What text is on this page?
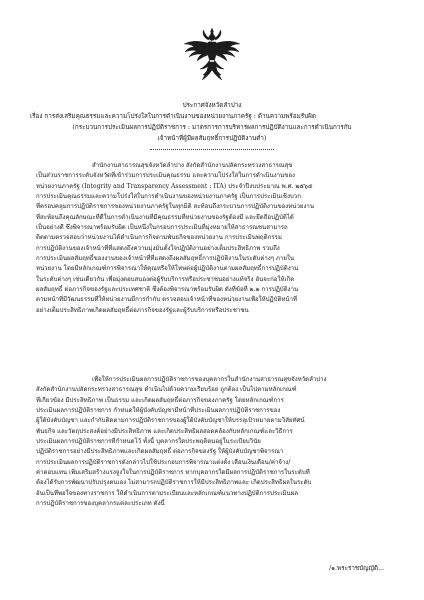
ประกาศจังหวัดลำปาง
เรื่อง การส่งเสริมคุณธรรมและความโปร่งใสในการดำเนินงานของหน่วยงานภาครัฐ : ด้านความพร้อมรับผิด
(กระบวนการประเมินผลการปฏิบัติราชการ : มาตรการการบริหารผลการปฏิบัติงานและการดำเนินการกับ
เจ้าหน้าที่ผู้มีผลสัมฤทธิ์การปฏิบัติงานต่ำ)
สำนักงานสาธารณสุขจังหวัดลำปาง สังกัดสำนักงานปลัดกระทรวงสาธารณสุข
เป็นส่วนราชการระดับจังหวัดที่เข้าร่วมการประเมินคุณธรรม และความโปร่งใสในการดำเนินงานของ
หน่วยงานภาครัฐ (Integrity and Transparency Assessment : ITA) ประจำปีงบประมาณ พ.ศ. ๒๕๖๕
การประเมินคุณธรรมและความโปร่งใสในการดำเนินงานของหน่วยงานภาครัฐ เป็นการประเมินเชิงบวก
ที่ครอบคลุมการปฏิบัติราชการของหน่วยงานภาครัฐในทุกมิติ สะท้อนถึงกระบวนการปฏิบัติงานของหน่วยงาน
ที่สะท้อนถึงคุณลักษณะที่ดีในการดำเนินงานที่มีคุณธรรมที่หน่วยงานของรัฐต้องมี และยึดถือปฏิบัติได้
เป็นอย่างดี ซึ่งพิจารณาพร้อมรับผิด เป็นหนึ่งในกรอบการประเมินที่มุ่งหมายให้สาธารณชนสามารถ
ติดตามตรวจสอบว่าหน่วยงานได้ดำเนินการกิจตามพันธกิจของหน่วยงาน การประเมินพฤติกรรม
การปฏิบัติงานของเจ้าหน้าที่ที่แสดงถึงความมุ่งมั่นตั้งใจปฏิบัติงานอย่างเต็มประสิทธิภาพ รวมถึง
การประเมินผลสัมฤทธิ์ของงานของเจ้าหน้าที่ที่แสดงถึงผลสัมฤทธิ์การปฏิบัติงานในระดับต่างๆ ภายใน
หน่วยงาน โดยมีหลักเกณฑ์การพิจารณาให้คุณหรือให้โทษต่อผู้ปฏิบัติงานตามผลสัมฤทธิ์การปฏิบัติงาน
ในระดับต่างๆ เช่นเดียวกัน เพื่อมุ่งตอบสนองต่อผู้รับบริการหรือประชาชนอย่างแท้จริง อันจะก่อให้เกิด
ผลสัมฤทธิ์ ต่อภารกิจของรัฐและประเทศชาติ ซึ่งต้องพิจารณาพร้อมรับผิด ดังที่ข้อที่ ๒.๒ การปฏิบัติงาน
ตามหน้าที่มีวัฒนธรรมที่ให้หน่วยงานมีการกำกับ ตรวจสอบเจ้าหน้าที่ของหน่วยงานเพื่อให้ปฏิบัติหน้าที่
อย่างเต็มประสิทธิภาพเกิดผลสัมฤทธิ์ต่อภารกิจของรัฐและผู้รับบริการหรือประชาชน
เพื่อให้การประเมินผลการปฏิบัติราชการของบุคลากรในสำนักงานสาธารณสุขจังหวัดลำปาง
สังกัดสำนักงานปลัดกระทรวงสาธารณสุข ดำเนินไปด้วยความเรียบร้อย ถูกต้อง เป็นไปตามหลักเกณฑ์
ที่เกี่ยวข้อง มีประสิทธิภาพ เป็นธรรม และเกิดผลสัมฤทธิ์ต่อภารกิจของภาครัฐ โดยหลักเกณฑ์การ
ประเมินผลการปฏิบัติราชการ กำหนดให้ผู้บังคับบัญชามีหน้าที่ประเมินผลการปฏิบัติราชการของ
ผู้ใต้บังคับบัญชา และกำกับติดตามการปฏิบัติราชการของผู้ใต้บังคับบัญชาให้บรรลุเป้าหมายตามวิสัยทัศน์
พันธกิจ และวัตถุประสงค์อย่างมีประสิทธิภาพ และเกิดประสิทธิผลสอดคล้องกับหลักเกณฑ์และวิธีการ
ประเมินผลการปฏิบัติราชการที่กำหนดไว้ ทั้งนี้ บุคลากรใดประพฤติตนอยู่ในระเบียบวินัย
ปฏิบัติราชการอย่างมีประสิทธิภาพและเกิดผลสัมฤทธิ์ ต่อภารกิจของรัฐ ให้ผู้บังคับบัญชาพิจารณา
การประเมินผลการปฏิบัติราชการดังกล่าวไปใช้ประกอบการพิจารณาแต่งตั้ง เลื่อนเงินเดือน/ค่าจ้าง/
ค่าตอบแทน เพิ่มเสริมสร้างแรงจูงใจในการปฏิบัติราชการ หากบุคลากรใดมีผลการปฏิบัติราชการในระดับที่
ต้องได้รับการพัฒนาปรับปรุงตนเอง ไม่สามารถปฏิบัติราชการให้มีประสิทธิภาพและ เกิดประสิทธิผลในระดับ
อันเป็นที่พอใจของทางราชการ ให้ดำเนินการตามระเบียบและหลักเกณฑ์แนวทางปฏิบัติการประเมินผล
การปฏิบัติราชการของบุคลากรแต่ละประเภท ดังนี้
/๑.พระราชบัญญัติ...
